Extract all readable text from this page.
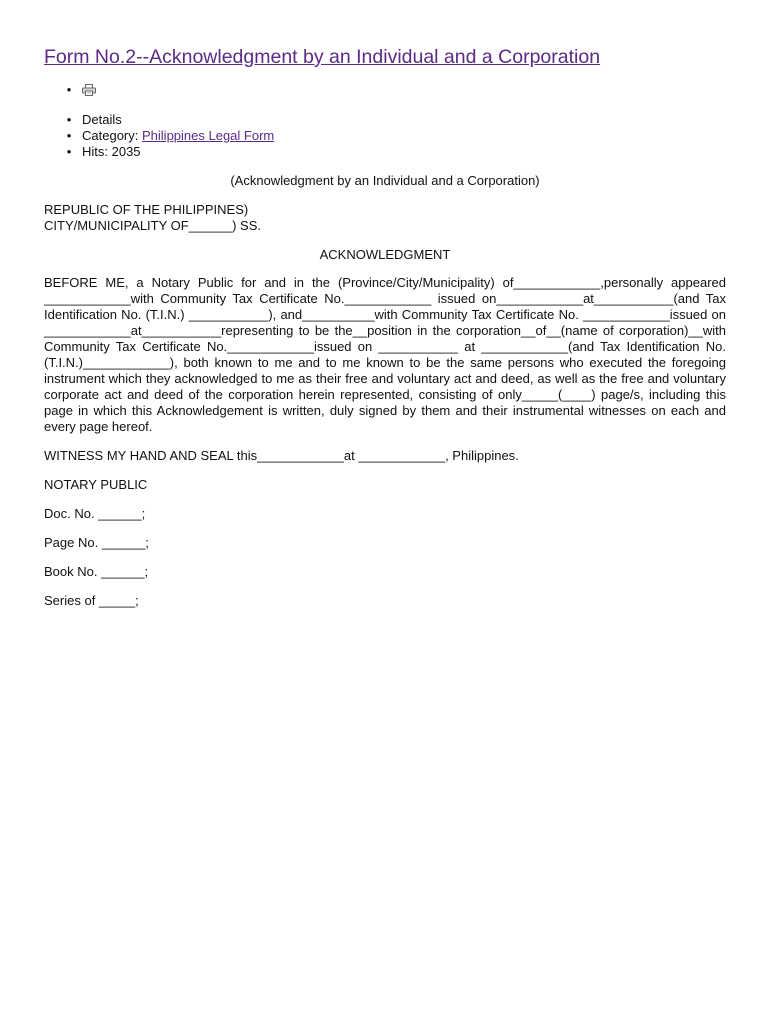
Form No.2--Acknowledgment by an Individual and a Corporation
•
• Details
• Category: Philippines Legal Form
• Hits: 2035
(Acknowledgment by an Individual and a Corporation)
REPUBLIC OF THE PHILIPPINES)
CITY/MUNICIPALITY OF______) SS.
ACKNOWLEDGMENT
BEFORE ME, a Notary Public for and in the (Province/City/Municipality) of____________,personally appeared ____________with Community Tax Certificate No.____________ issued on____________at___________(and Tax Identification No. (T.I.N.) ___________), and__________with Community Tax Certificate No. ____________issued on ____________at___________representing to be the__position in the corporation__of__(name of corporation)__with Community Tax Certificate No.____________issued on ___________ at ____________(and Tax Identification No. (T.I.N.)____________), both known to me and to me known to be the same persons who executed the foregoing instrument which they acknowledged to me as their free and voluntary act and deed, as well as the free and voluntary corporate act and deed of the corporation herein represented, consisting of only_____(____) page/s, including this page in which this Acknowledgement is written, duly signed by them and their instrumental witnesses on each and every page hereof.
WITNESS MY HAND AND SEAL this____________at ____________, Philippines.
NOTARY PUBLIC
Doc. No. ______;
Page No. ______;
Book No. ______;
Series of _____;
